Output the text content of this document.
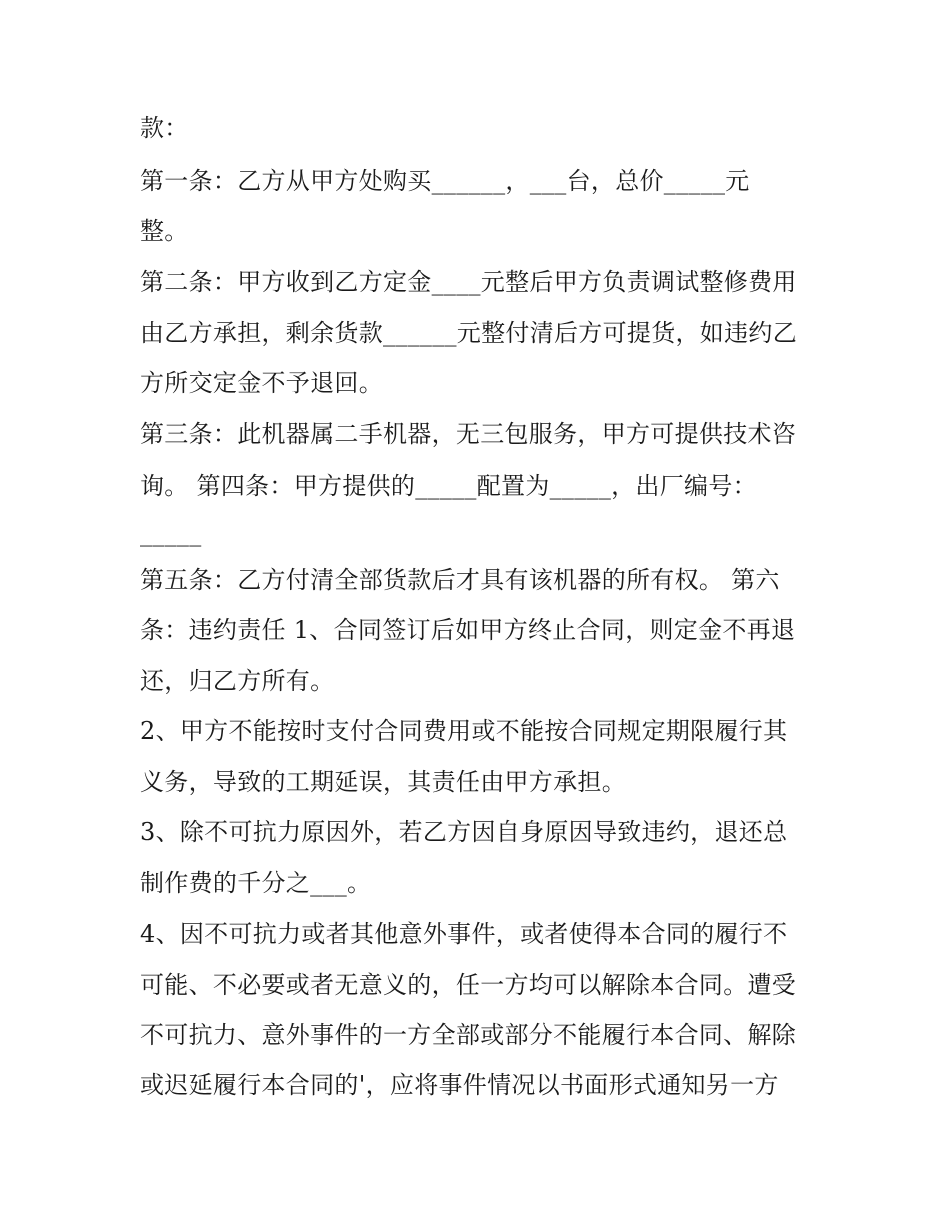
款：
第一条：乙方从甲方处购买______，___台，总价_____元
整。
第二条：甲方收到乙方定金____元整后甲方负责调试整修费用
由乙方承担，剩余货款______元整付清后方可提货，如违约乙
方所交定金不予退回。
第三条：此机器属二手机器，无三包服务，甲方可提供技术咨
询。 第四条：甲方提供的_____配置为_____，出厂编号：
_____
第五条：乙方付清全部货款后才具有该机器的所有权。 第六
条：违约责任 1、合同签订后如甲方终止合同，则定金不再退
还，归乙方所有。
2、甲方不能按时支付合同费用或不能按合同规定期限履行其
义务，导致的工期延误，其责任由甲方承担。
3、除不可抗力原因外，若乙方因自身原因导致违约，退还总
制作费的千分之___。
4、因不可抗力或者其他意外事件，或者使得本合同的履行不
可能、不必要或者无意义的，任一方均可以解除本合同。遭受
不可抗力、意外事件的一方全部或部分不能履行本合同、解除
或迟延履行本合同的'，应将事件情况以书面形式通知另一方
